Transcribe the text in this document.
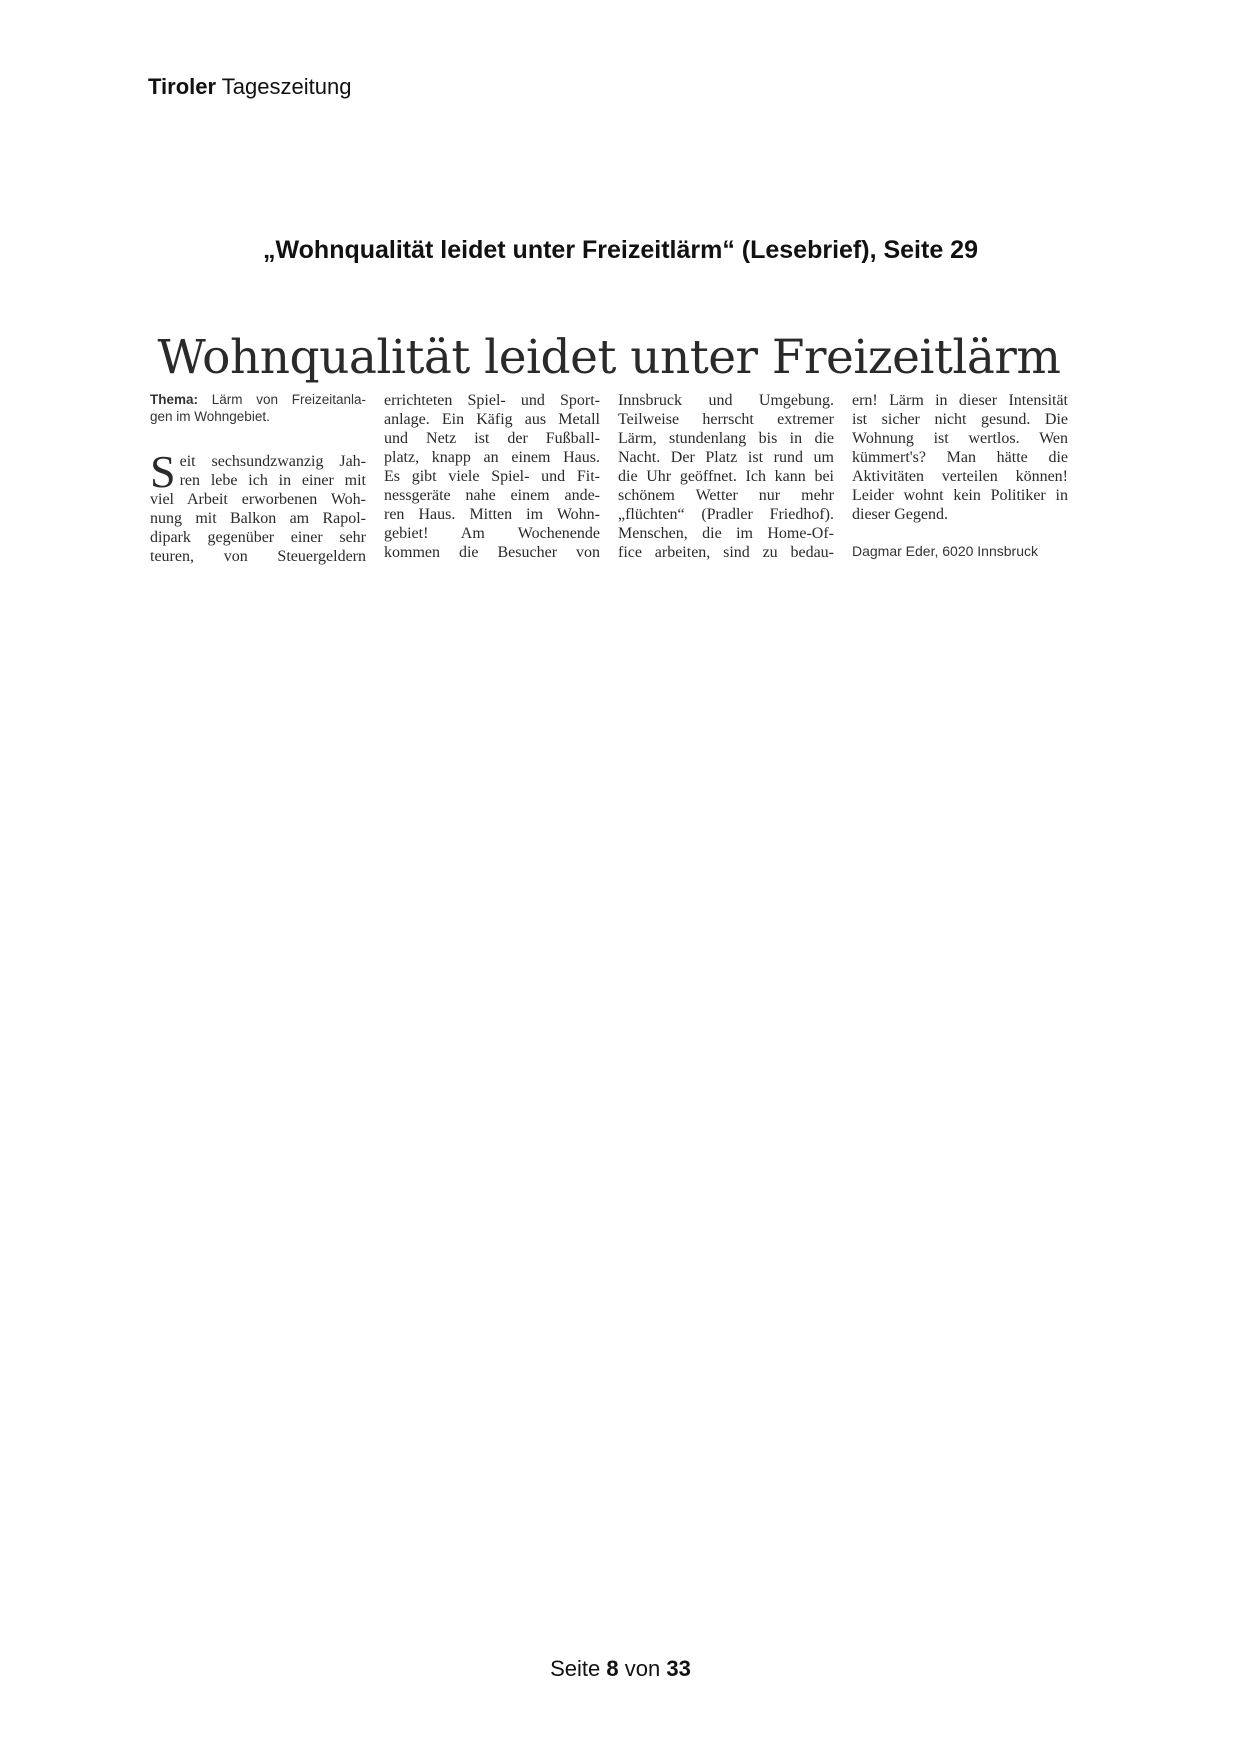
Tiroler Tageszeitung
„Wohnqualität leidet unter Freizeitlärm“ (Lesebrief), Seite 29
Wohnqualität leidet unter Freizeitlärm
Thema: Lärm von Freizeitanla-
gen im Wohngebiet.
S eit sechsundzwanzig Jah-
ren lebe ich in einer mit
viel Arbeit erworbenen Woh-
nung mit Balkon am Rapol-
dipark gegenüber einer sehr
teuren, von Steuergeldern
errichteten Spiel- und Sport-
anlage. Ein Käfig aus Metall
und Netz ist der Fußball-
platz, knapp an einem Haus.
Es gibt viele Spiel- und Fit-
nessgeräte nahe einem ande-
ren Haus. Mitten im Wohn-
gebiet! Am Wochenende
kommen die Besucher von
Innsbruck und Umgebung.
Teilweise herrscht extremer
Lärm, stundenlang bis in die
Nacht. Der Platz ist rund um
die Uhr geöffnet. Ich kann bei
schönem Wetter nur mehr
„flüchten“ (Pradler Friedhof).
Menschen, die im Home-Of-
fice arbeiten, sind zu bedau-
ern! Lärm in dieser Intensität
ist sicher nicht gesund. Die
Wohnung ist wertlos. Wen
kümmert's? Man hätte die
Aktivitäten verteilen können!
Leider wohnt kein Politiker in
dieser Gegend.
Dagmar Eder, 6020 Innsbruck
Seite 8 von 33
